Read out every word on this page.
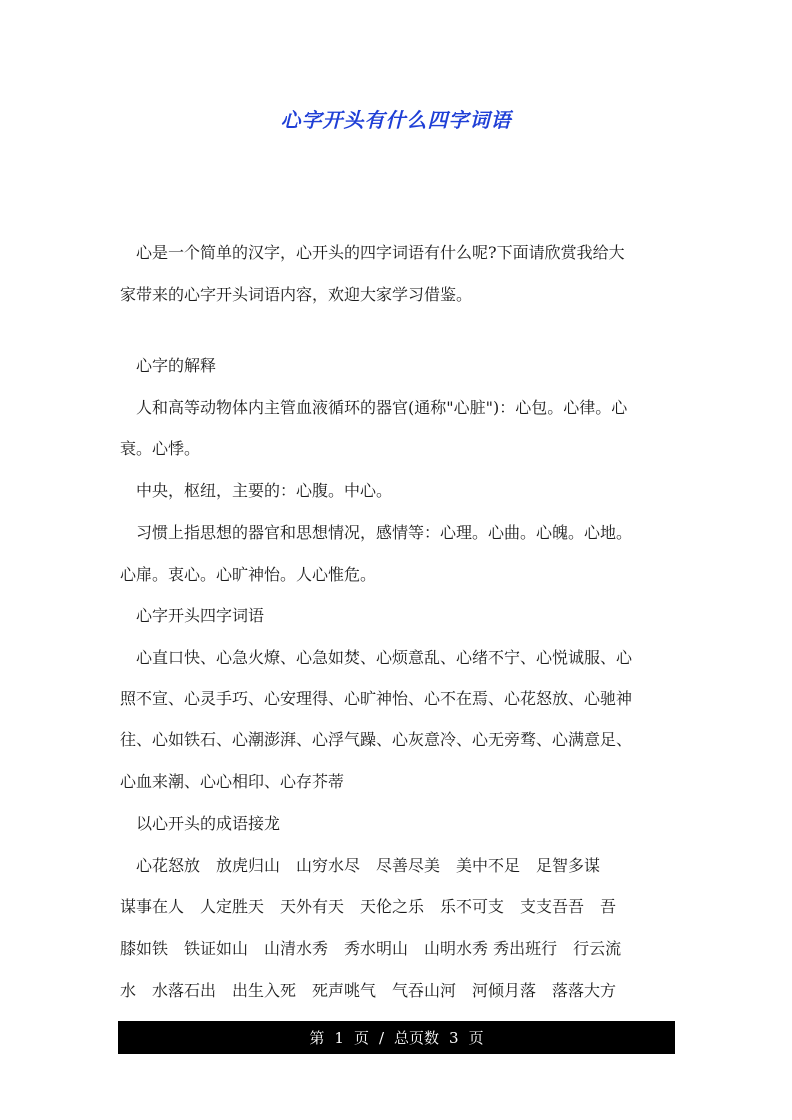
心字开头有什么四字词语
　心是一个简单的汉字，心开头的四字词语有什么呢?下面请欣赏我给大
家带来的心字开头词语内容，欢迎大家学习借鉴。
　心字的解释
　人和高等动物体内主管血液循环的器官(通称"心脏")：心包。心律。心
衰。心悸。
　中央，枢纽，主要的：心腹。中心。
　习惯上指思想的器官和思想情况，感情等：心理。心曲。心魄。心地。
心扉。衷心。心旷神怡。人心惟危。
　心字开头四字词语
　心直口快、心急火燎、心急如焚、心烦意乱、心绪不宁、心悦诚服、心
照不宣、心灵手巧、心安理得、心旷神怡、心不在焉、心花怒放、心驰神
往、心如铁石、心潮澎湃、心浮气躁、心灰意冷、心无旁骛、心满意足、
心血来潮、心心相印、心存芥蒂
　以心开头的成语接龙
　心花怒放　放虎归山　山穷水尽　尽善尽美　美中不足　足智多谋
谋事在人　人定胜天　天外有天　天伦之乐　乐不可支　支支吾吾　吾
膝如铁　铁证如山　山清水秀　秀水明山　山明水秀 秀出班行　行云流
水　水落石出　出生入死　死声咷气　气吞山河　河倾月落　落落大方
第 1 页 / 总页数 3 页
